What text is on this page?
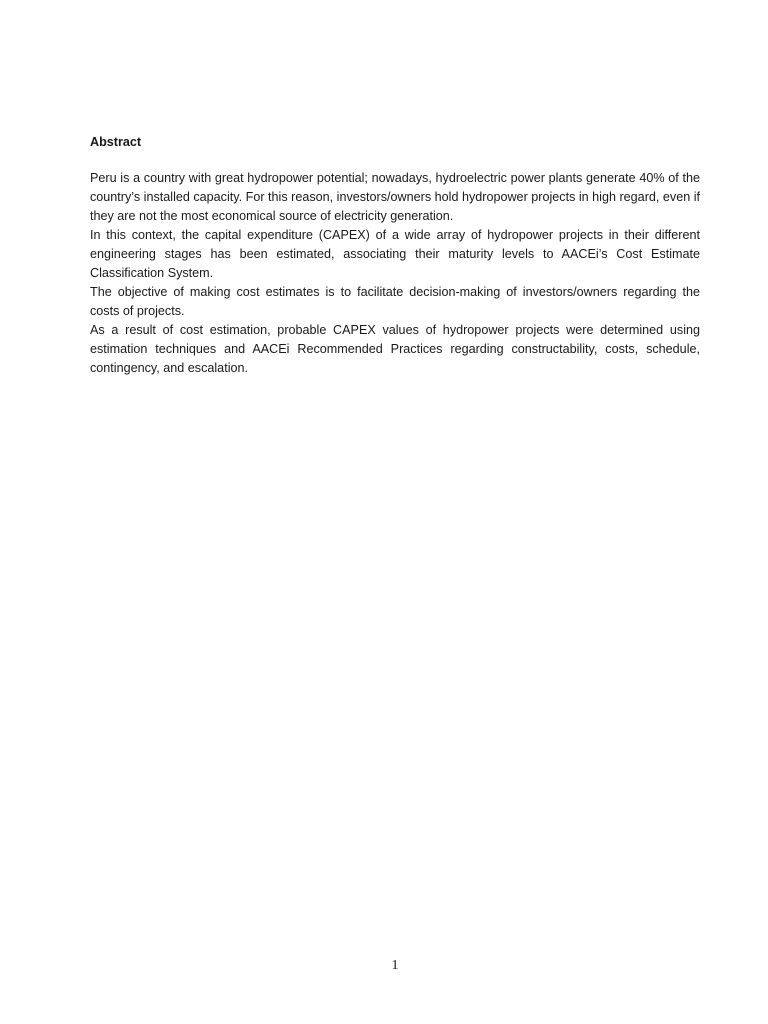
Abstract

Peru is a country with great hydropower potential; nowadays, hydroelectric power plants generate 40% of the country’s installed capacity. For this reason, investors/owners hold hydropower projects in high regard, even if they are not the most economical source of electricity generation.

In this context, the capital expenditure (CAPEX) of a wide array of hydropower projects in their different engineering stages has been estimated, associating their maturity levels to AACEi’s Cost Estimate Classification System.

The objective of making cost estimates is to facilitate decision-making of investors/owners regarding the costs of projects.

As a result of cost estimation, probable CAPEX values of hydropower projects were determined using estimation techniques and AACEi Recommended Practices regarding constructability, costs, schedule, contingency, and escalation.

1
